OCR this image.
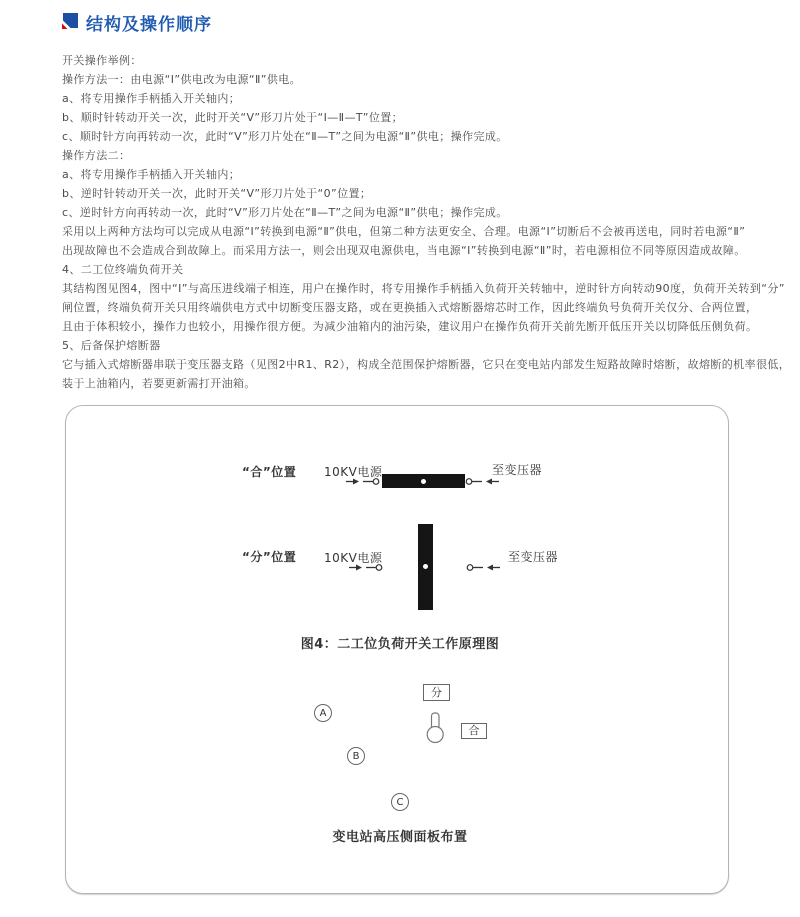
结构及操作顺序
开关操作举例：
操作方法一：由电源“Ⅰ”供电改为电源“Ⅱ”供电。
a、将专用操作手柄插入开关轴内；
b、顺时针转动开关一次，此时开关“V”形刀片处于“Ⅰ—Ⅱ—T”位置；
c、顺时针方向再转动一次，此时“V”形刀片处在“Ⅱ—T”之间为电源“Ⅱ”供电；操作完成。
操作方法二：
a、将专用操作手柄插入开关轴内；
b、逆时针转动开关一次，此时开关“V”形刀片处于“0”位置；
c、逆时针方向再转动一次，此时“V”形刀片处在“Ⅱ—T”之间为电源“Ⅱ”供电；操作完成。
采用以上两种方法均可以完成从电源“Ⅰ”转换到电源“Ⅱ”供电，但第二种方法更安全、合理。电源“Ⅰ”切断后不会被再送电，同时若电源“Ⅱ”
出现故障也不会造成合到故障上。而采用方法一，则会出现双电源供电，当电源“Ⅰ”转换到电源“Ⅱ”时，若电源相位不同等原因造成故障。
4、二工位终端负荷开关
其结构图见图4，图中“Ⅰ”与高压进线端子相连，用户在操作时，将专用操作手柄插入负荷开关转轴中，逆时针方向转动90度，负荷开关转到“分”
闸位置，终端负荷开关只用终端供电方式中切断变压器支路，或在更换插入式熔断器熔芯时工作，因此终端负号负荷开关仅分、合两位置，
且由于体积较小，操作力也较小，用操作很方便。为减少油箱内的油污染，建议用户在操作负荷开关前先断开低压开关以切降低压侧负荷。
5、后备保护熔断器
它与插入式熔断器串联于变压器支路（见图2中R1、R2），构成全范围保护熔断器，它只在变电站内部发生短路故障时熔断，故熔断的机率很低，
装于上油箱内，若要更新需打开油箱。
“合”位置 10KV电源	至变压器
“分”位置 10KV电源	至变压器
图4：二工位负荷开关工作原理图
分
合
A
B
C
变电站高压侧面板布置
